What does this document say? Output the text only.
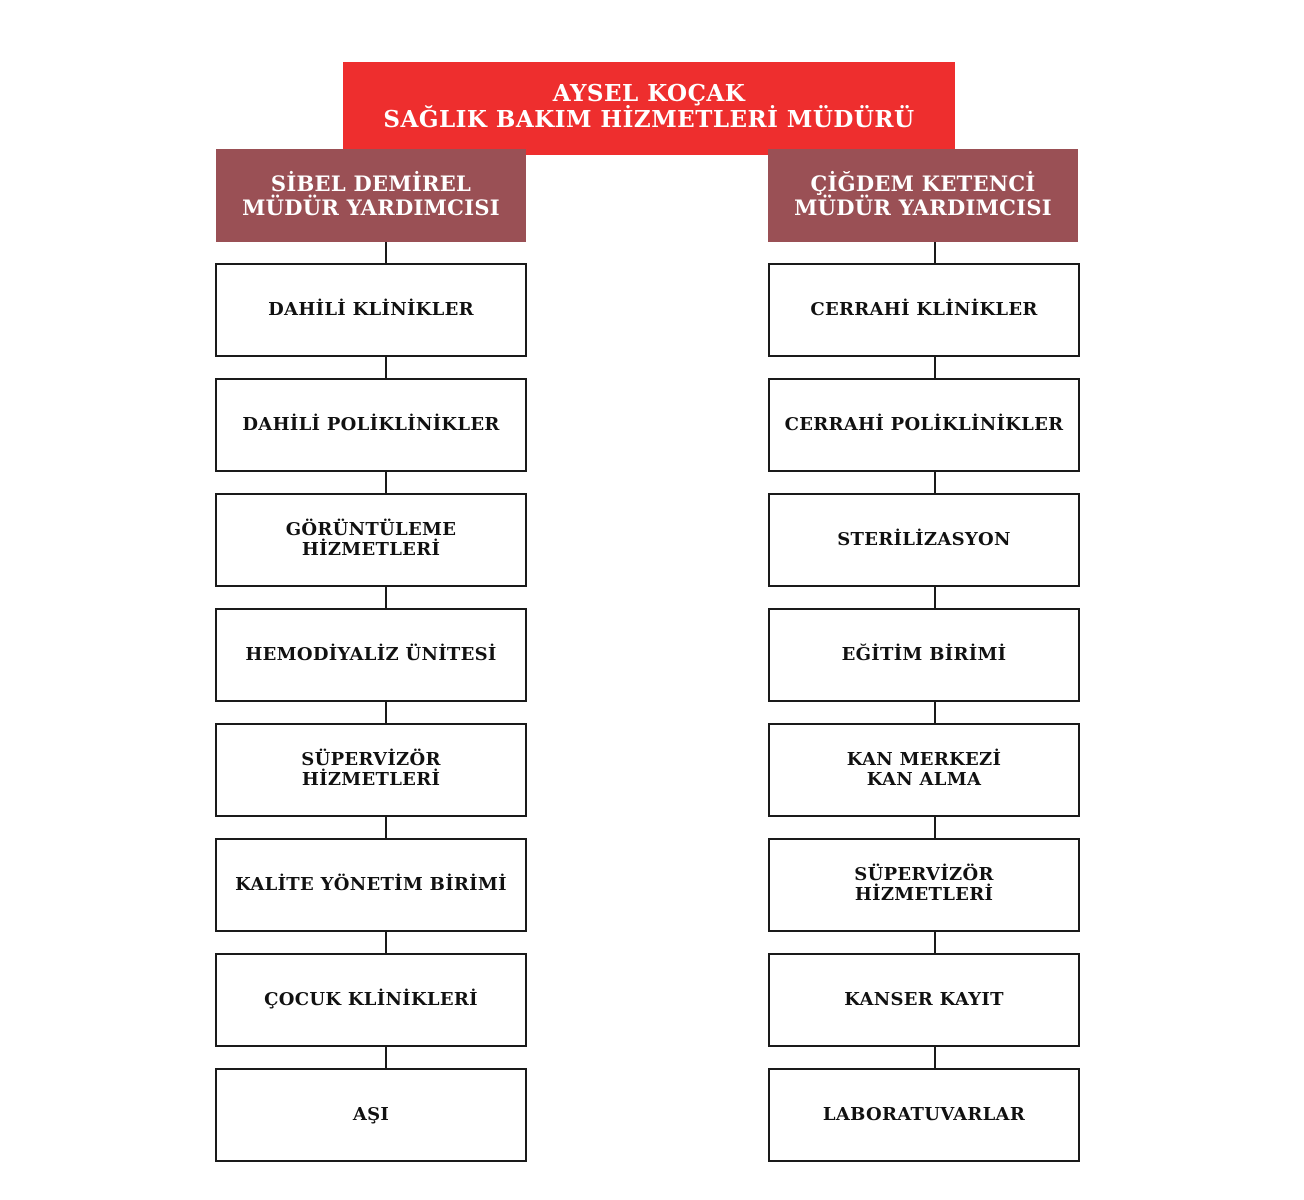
AYSEL KOÇAK
SAĞLIK BAKIM HİZMETLERİ MÜDÜRÜ
SİBEL DEMİREL
MÜDÜR YARDIMCISI
ÇİĞDEM KETENCİ
MÜDÜR YARDIMCISI
DAHİLİ KLİNİKLER
DAHİLİ POLİKLİNİKLER
GÖRÜNTÜLEME
HİZMETLERİ
HEMODİYALİZ ÜNİTESİ
SÜPERVİZÖR
HİZMETLERİ
KALİTE YÖNETİM BİRİMİ
ÇOCUK KLİNİKLERİ
AŞI
CERRAHİ KLİNİKLER
CERRAHİ POLİKLİNİKLER
STERİLİZASYON
EĞİTİM BİRİMİ
KAN MERKEZİ
KAN ALMA
SÜPERVİZÖR
HİZMETLERİ
KANSER KAYIT
LABORATUVARLAR
